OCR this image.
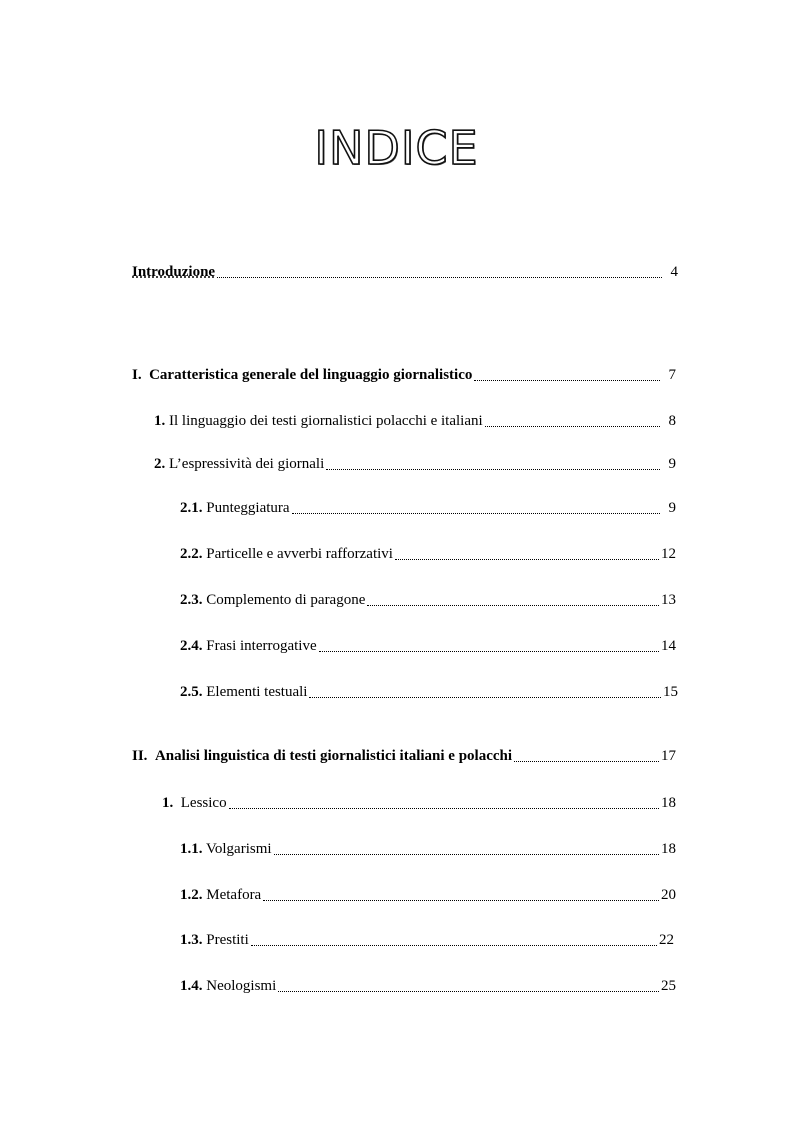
INDICE
Introduzione	4
I. Caratteristica generale del linguaggio giornalistico	7
1. Il linguaggio dei testi giornalistici polacchi e italiani	8
2. L’espressività dei giornali	9
2.1. Punteggiatura	9
2.2. Particelle e avverbi rafforzativi	12
2.3. Complemento di paragone	13
2.4. Frasi interrogative	14
2.5. Elementi testuali	15
II. Analisi linguistica di testi giornalistici italiani e polacchi	17
1. Lessico	18
1.1. Volgarismi	18
1.2. Metafora	20
1.3. Prestiti	22
1.4. Neologismi	25
